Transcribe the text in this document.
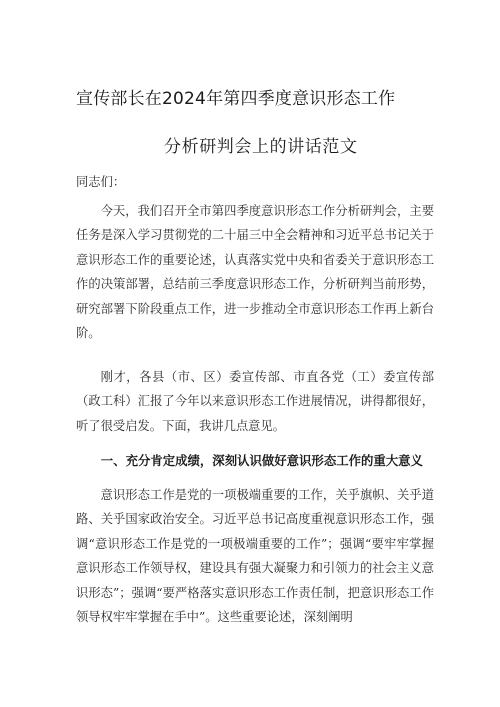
宣传部长在2024年第四季度意识形态工作
分析研判会上的讲话范文
同志们：
今天，我们召开全市第四季度意识形态工作分析研判会，主要任务是深入学习贯彻党的二十届三中全会精神和习近平总书记关于意识形态工作的重要论述，认真落实党中央和省委关于意识形态工作的决策部署，总结前三季度意识形态工作，分析研判当前形势，研究部署下阶段重点工作，进一步推动全市意识形态工作再上新台阶。
刚才，各县（市、区）委宣传部、市直各党（工）委宣传部（政工科）汇报了今年以来意识形态工作进展情况，讲得都很好，听了很受启发。下面，我讲几点意见。
一、充分肯定成绩，深刻认识做好意识形态工作的重大意义
意识形态工作是党的一项极端重要的工作，关乎旗帜、关乎道路、关乎国家政治安全。习近平总书记高度重视意识形态工作，强调“意识形态工作是党的一项极端重要的工作”；强调“要牢牢掌握意识形态工作领导权，建设具有强大凝聚力和引领力的社会主义意识形态”；强调“要严格落实意识形态工作责任制，把意识形态工作领导权牢牢掌握在手中”。这些重要论述，深刻阐明
